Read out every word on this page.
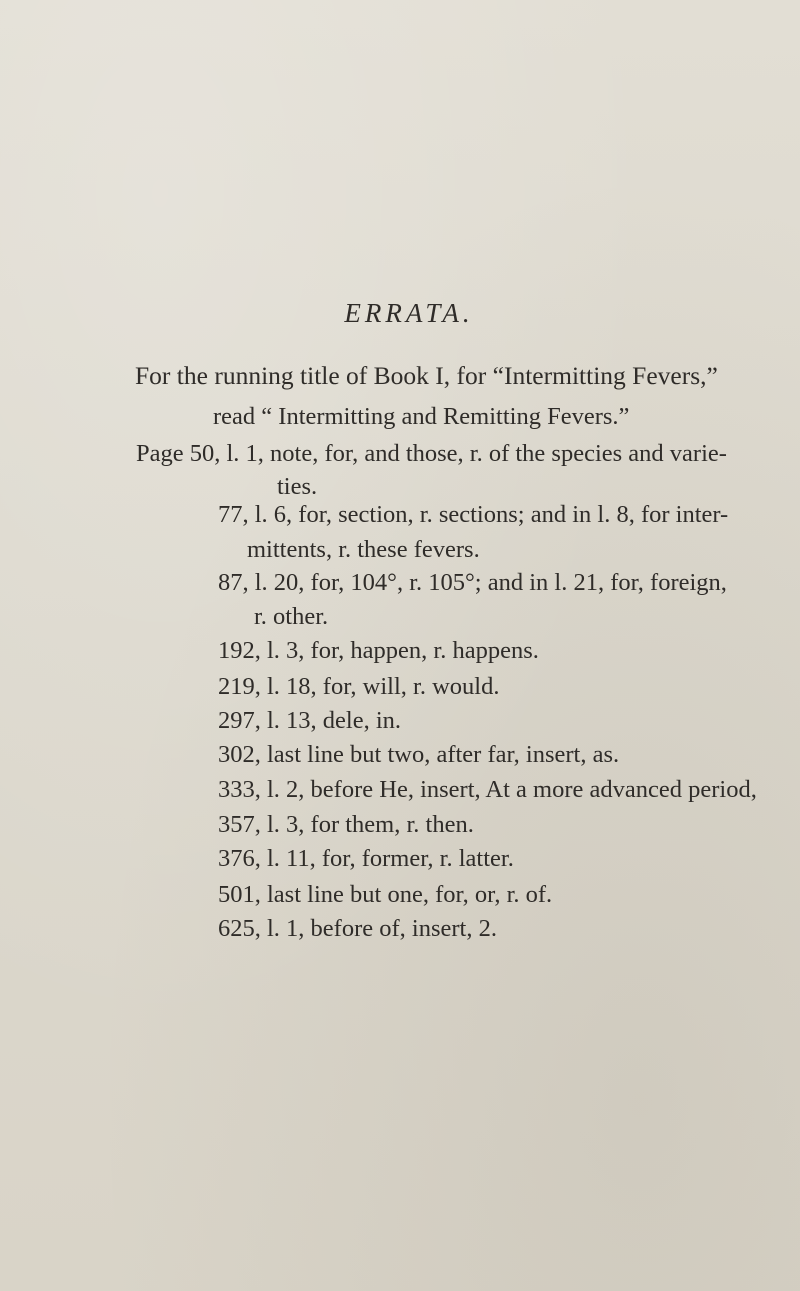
ERRATA.
For the running title of Book I, for “Intermitting Fevers,”
read “ Intermitting and Remitting Fevers.”
Page 50, l. 1, note, for, and those, r. of the species and varie-
ties.
77, l. 6, for, section, r. sections; and in l. 8, for inter-
mittents, r. these fevers.
87, l. 20, for, 104°, r. 105°; and in l. 21, for, foreign,
r. other.
192, l. 3, for, happen, r. happens.
219, l. 18, for, will, r. would.
297, l. 13, dele, in.
302, last line but two, after far, insert, as.
333, l. 2, before He, insert, At a more advanced period,
357, l. 3, for them, r. then.
376, l. 11, for, former, r. latter.
501, last line but one, for, or, r. of.
625, l. 1, before of, insert, 2.
